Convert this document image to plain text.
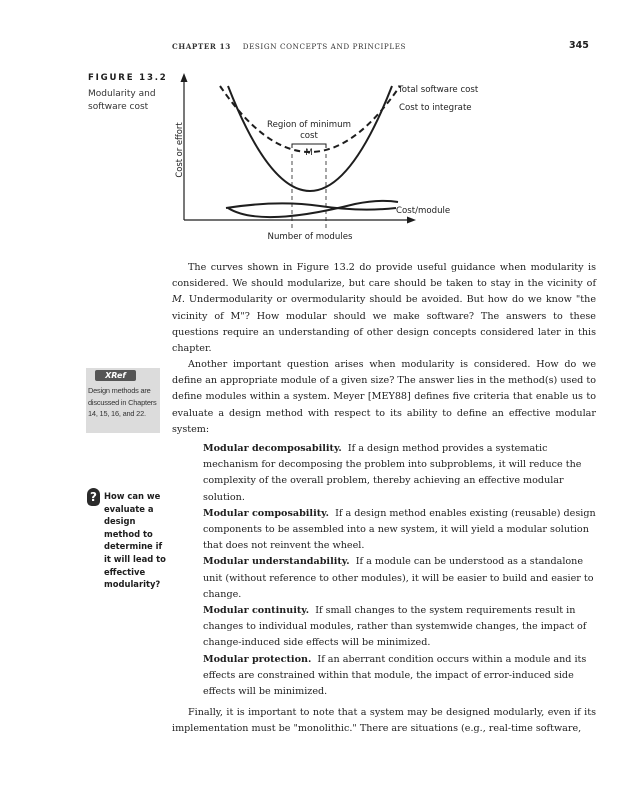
CHAPTER 13 DESIGN CONCEPTS AND PRINCIPLES	345
FIGURE 13.2
Modularity and software cost
Region of minimum
cost
M
Total software cost
Cost to integrate
Cost/module
Number of modules
Cost or effort
The curves shown in Figure 13.2 do provide useful guidance when modularity is considered. We should modularize, but care should be taken to stay in the vicinity of M. Undermodularity or overmodularity should be avoided. But how do we know "the vicinity of M"? How modular should we make software? The answers to these questions require an understanding of other design concepts considered later in this chapter.
Another important question arises when modularity is considered. How do we define an appropriate module of a given size? The answer lies in the method(s) used to define modules within a system. Meyer [MEY88] defines five criteria that enable us to evaluate a design method with respect to its ability to define an effective modular system:
Modular decomposability. If a design method provides a systematic mechanism for decomposing the problem into subproblems, it will reduce the complexity of the overall problem, thereby achieving an effective modular solution.
Modular composability. If a design method enables existing (reusable) design components to be assembled into a new system, it will yield a modular solution that does not reinvent the wheel.
Modular understandability. If a module can be understood as a standalone unit (without reference to other modules), it will be easier to build and easier to change.
Modular continuity. If small changes to the system requirements result in changes to individual modules, rather than systemwide changes, the impact of change-induced side effects will be minimized.
Modular protection. If an aberrant condition occurs within a module and its effects are constrained within that module, the impact of error-induced side effects will be minimized.
Finally, it is important to note that a system may be designed modularly, even if its implementation must be "monolithic." There are situations (e.g., real-time software,
XRef
Design methods are discussed in Chapters 14, 15, 16, and 22.
? How can we evaluate a design method to determine if it will lead to effective modularity?
